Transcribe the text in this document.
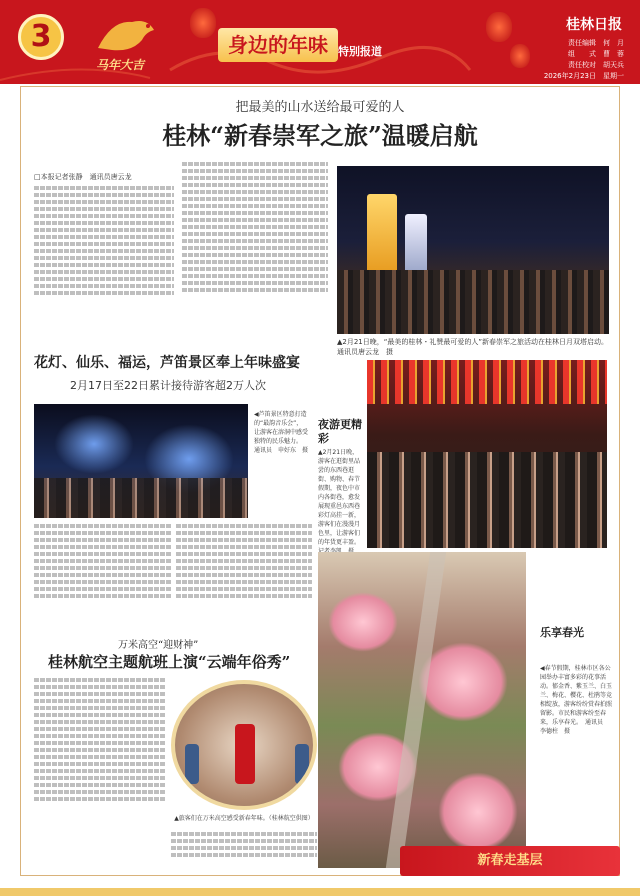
3
马年大吉
身边的年味 特别报道
桂林日报
责任编辑　何　月
组　　式　曹　蓉
责任校对　胡天兵
2026年2月23日　星期一
把最美的山水送给最可爱的人
桂林“新春崇军之旅”温暖启航
□本报记者张静　通讯员唐云龙
▲2月21日晚，“最美的桂林・礼赞最可爱的人”新春崇军之旅活动在桂林日月双塔启动。　通讯员唐云龙　摄
花灯、仙乐、福运，芦笛景区奉上年味盛宴
2月17日至22日累计接待游客超2万人次
◀芦笛景区特意打造的“最韵音乐会”，让游客在溶洞中感受独特的民乐魅力。　通讯员　申好东　摄
夜游更精彩
▲2月21日晚，游客在逛街里品尝的东西巷逛街、购物、春节假期，夜色中市内各街巷，愈发展现重邑东西巷彩灯高挂一新，游客们在漫漫月色里，让游客们的年货更丰盈。　　
万米高空“迎财神”
桂林航空主题航班上演“云端年俗秀”
▲旅客们在万米高空感受新春年味。（桂林航空供图）
乐享春光
◀春节假期，桂林市区各公园举办丰富多彩的花事活动。郁金香、紫玉兰、白玉兰、梅花、樱花、杜鹃等竞相绽放，游客纷纷赏春拍照留影。市民和游客纷至春来，乐享春光。　通讯员　李德柱　摄
新春走基层
